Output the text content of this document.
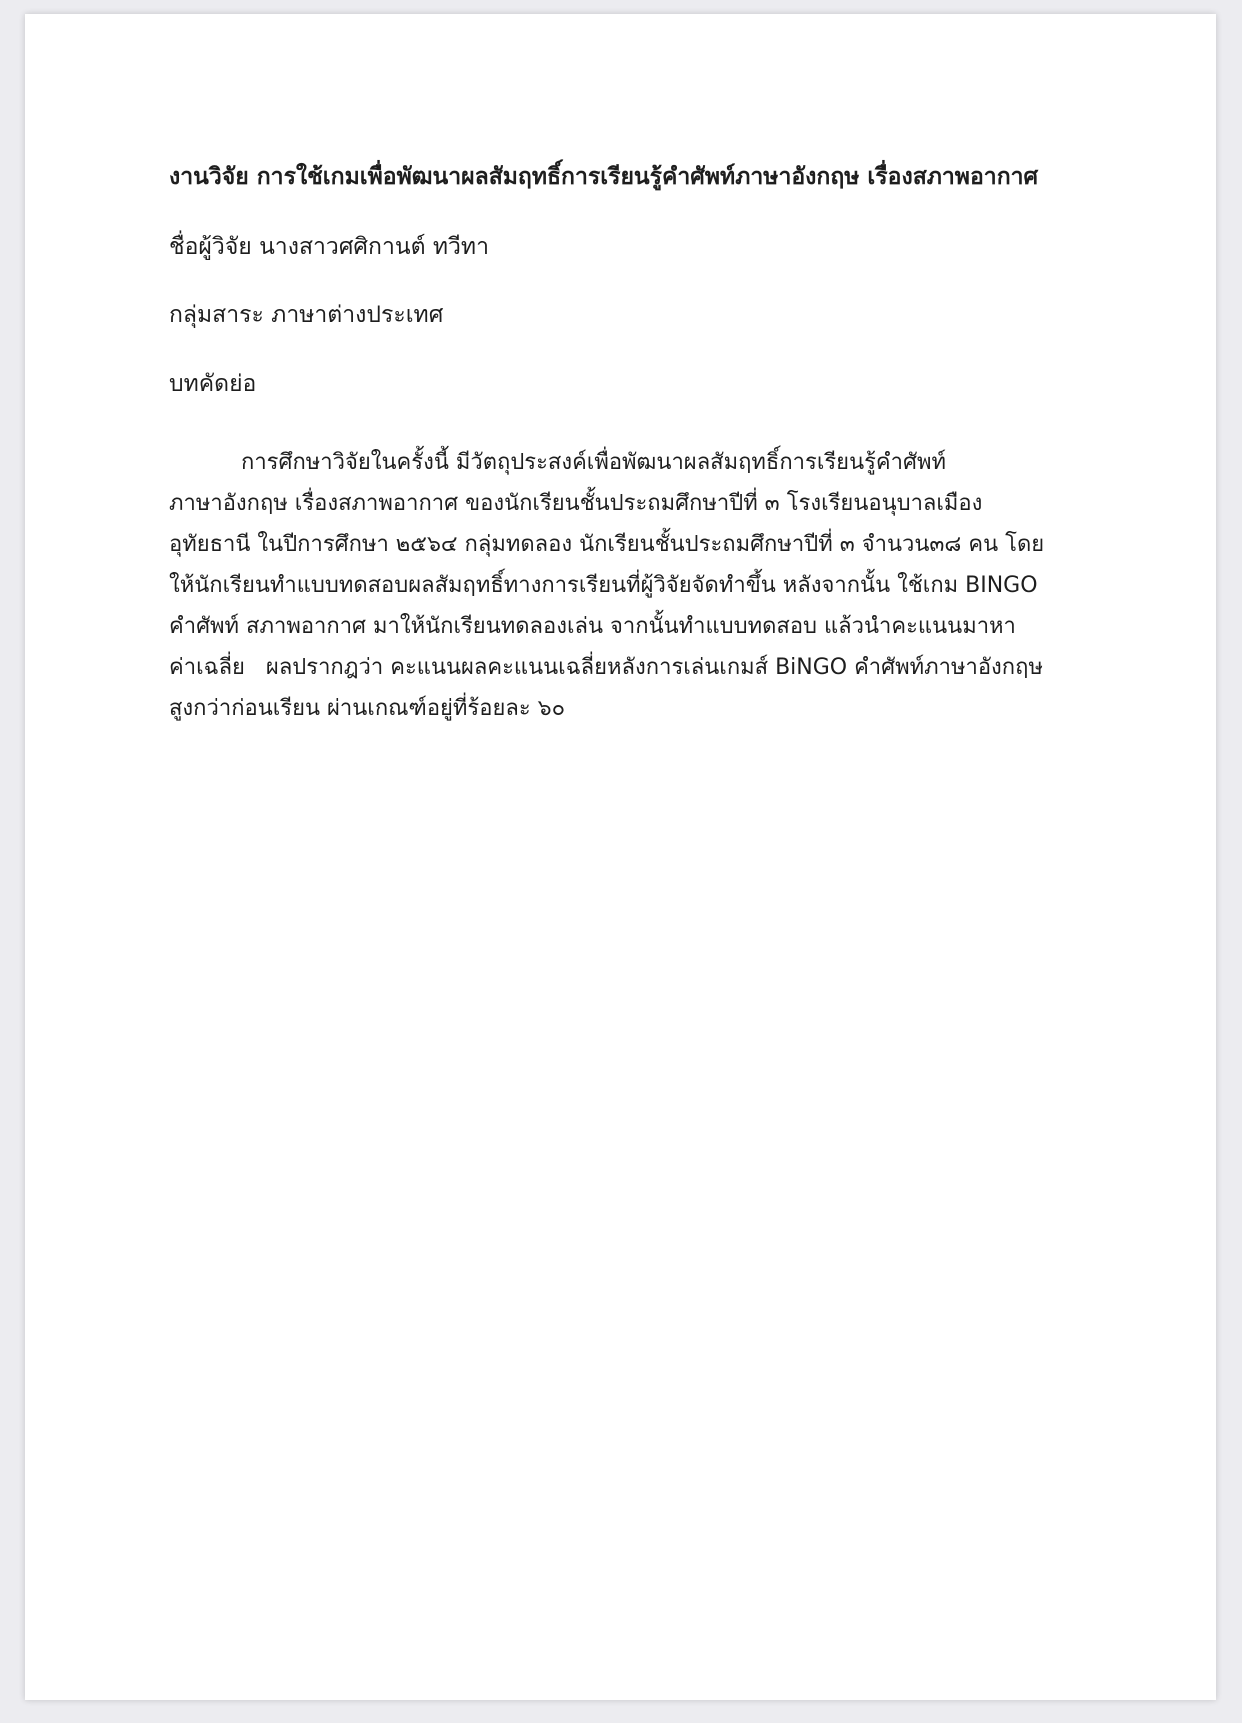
งานวิจัย การใช้เกมเพื่อพัฒนาผลสัมฤทธิ์การเรียนรู้คำศัพท์ภาษาอังกฤษ เรื่องสภาพอากาศ

ชื่อผู้วิจัย นางสาวศศิกานต์ ทวีทา

กลุ่มสาระ ภาษาต่างประเทศ

บทคัดย่อ

การศึกษาวิจัยในครั้งนี้ มีวัตถุประสงค์เพื่อพัฒนาผลสัมฤทธิ์การเรียนรู้คำศัพท์
ภาษาอังกฤษ เรื่องสภาพอากาศ ของนักเรียนชั้นประถมศึกษาปีที่ ๓ โรงเรียนอนุบาลเมือง
อุทัยธานี ในปีการศึกษา ๒๕๖๔ กลุ่มทดลอง นักเรียนชั้นประถมศึกษาปีที่ ๓ จำนวน๓๘ คน โดย
ให้นักเรียนทำแบบทดสอบผลสัมฤทธิ์ทางการเรียนที่ผู้วิจัยจัดทำขึ้น หลังจากนั้น ใช้เกม BINGO
คำศัพท์ สภาพอากาศ มาให้นักเรียนทดลองเล่น จากนั้นทำแบบทดสอบ แล้วนำคะแนนมาหา
ค่าเฉลี่ย   ผลปรากฎว่า คะแนนผลคะแนนเฉลี่ยหลังการเล่นเกมส์ BiNGO คำศัพท์ภาษาอังกฤษ
สูงกว่าก่อนเรียน ผ่านเกณฑ์อยู่ที่ร้อยละ ๖๐
